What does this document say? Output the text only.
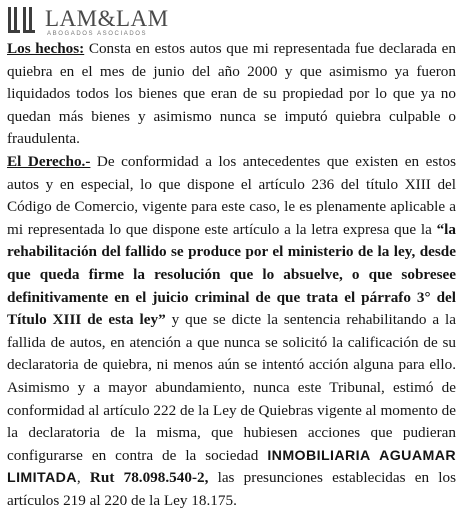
LAM&LAM
ABOGADOS ASOCIADOS

Los hechos: Consta en estos autos que mi representada fue declarada en quiebra en el mes de junio del año 2000 y que asimismo ya fueron liquidados todos los bienes que eran de su propiedad por lo que ya no quedan más bienes y asimismo nunca se imputó quiebra culpable o fraudulenta.

El Derecho.- De conformidad a los antecedentes que existen en estos autos y en especial, lo que dispone el artículo 236 del título XIII del Código de Comercio, vigente para este caso, le es plenamente aplicable a mi representada lo que dispone este artículo a la letra expresa que la “la rehabilitación del fallido se produce por el ministerio de la ley, desde que queda firme la resolución que lo absuelve, o que sobresee definitivamente en el juicio criminal de que trata el párrafo 3° del Título XIII de esta ley” y que se dicte la sentencia rehabilitando a la fallida de autos, en atención a que nunca se solicitó la calificación de su declaratoria de quiebra, ni menos aún se intentó acción alguna para ello. Asimismo y a mayor abundamiento, nunca este Tribunal, estimó de conformidad al artículo 222 de la Ley de Quiebras vigente al momento de la declaratoria de la misma, que hubiesen acciones que pudieran configurarse en contra de la sociedad INMOBILIARIA AGUAMAR LIMITADA, Rut 78.098.540-2, las presunciones establecidas en los artículos 219 al 220 de la Ley 18.175.
